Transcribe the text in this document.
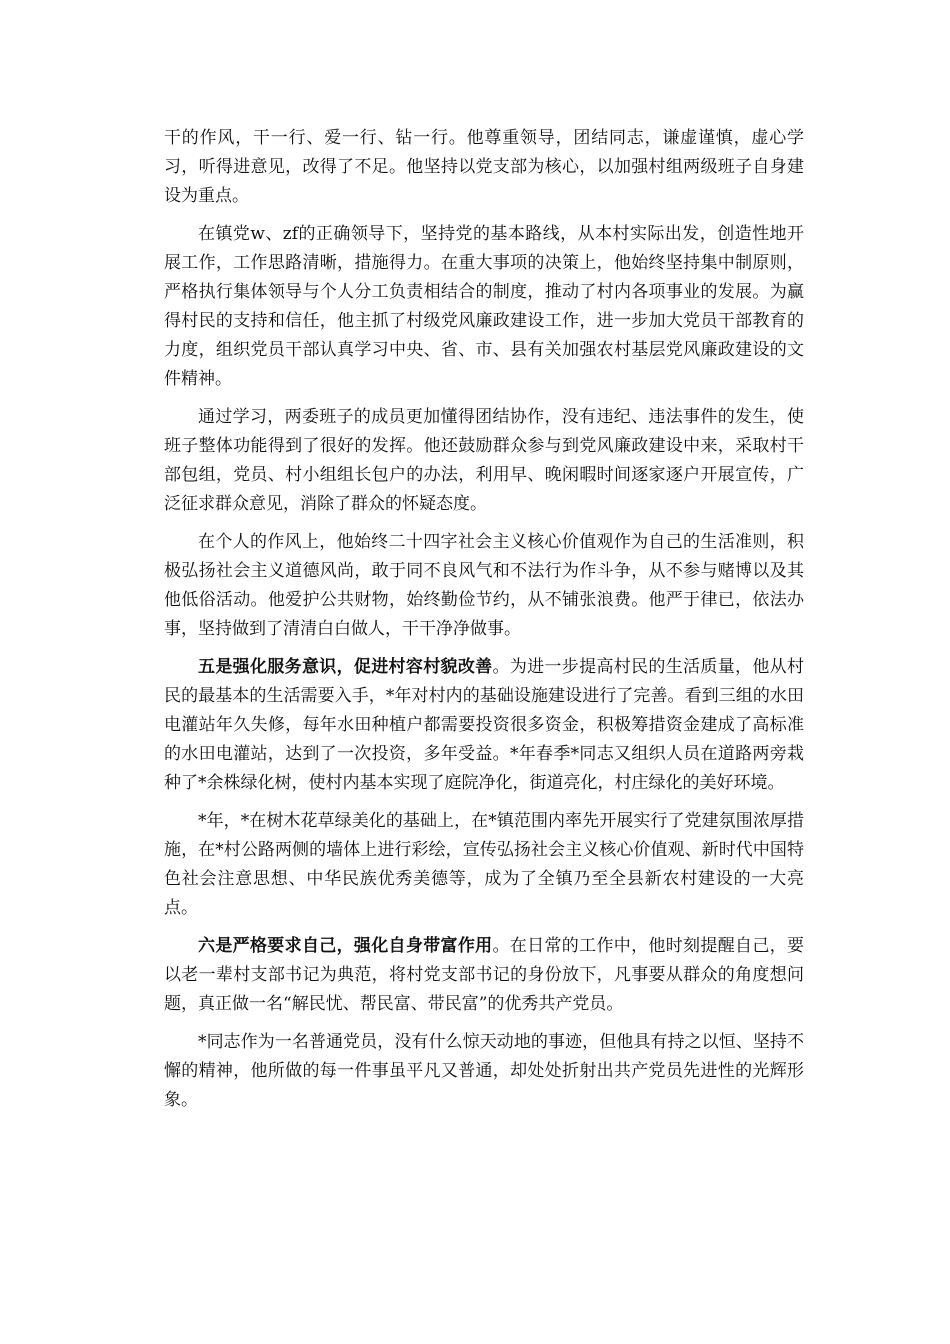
干的作风，干一行、爱一行、钻一行。他尊重领导，团结同志，谦虚谨慎，虚心学习，听得进意见，改得了不足。他坚持以党支部为核心，以加强村组两级班子自身建设为重点。

在镇党w、zf的正确领导下，坚持党的基本路线，从本村实际出发，创造性地开展工作，工作思路清晰，措施得力。在重大事项的决策上，他始终坚持集中制原则，严格执行集体领导与个人分工负责相结合的制度，推动了村内各项事业的发展。为赢得村民的支持和信任，他主抓了村级党风廉政建设工作，进一步加大党员干部教育的力度，组织党员干部认真学习中央、省、市、县有关加强农村基层党风廉政建设的文件精神。

通过学习，两委班子的成员更加懂得团结协作，没有违纪、违法事件的发生，使班子整体功能得到了很好的发挥。他还鼓励群众参与到党风廉政建设中来，采取村干部包组，党员、村小组组长包户的办法，利用早、晚闲暇时间逐家逐户开展宣传，广泛征求群众意见，消除了群众的怀疑态度。

在个人的作风上，他始终二十四字社会主义核心价值观作为自己的生活准则，积极弘扬社会主义道德风尚，敢于同不良风气和不法行为作斗争，从不参与赌博以及其他低俗活动。他爱护公共财物，始终勤俭节约，从不铺张浪费。他严于律已，依法办事，坚持做到了清清白白做人，干干净净做事。

五是强化服务意识，促进村容村貌改善。为进一步提高村民的生活质量，他从村民的最基本的生活需要入手，*年对村内的基础设施建设进行了完善。看到三组的水田电灌站年久失修，每年水田种植户都需要投资很多资金，积极筹措资金建成了高标准的水田电灌站，达到了一次投资，多年受益。*年春季*同志又组织人员在道路两旁栽种了*余株绿化树，使村内基本实现了庭院净化，街道亮化，村庄绿化的美好环境。

*年，*在树木花草绿美化的基础上，在*镇范围内率先开展实行了党建氛围浓厚措施，在*村公路两侧的墙体上进行彩绘，宣传弘扬社会主义核心价值观、新时代中国特色社会注意思想、中华民族优秀美德等，成为了全镇乃至全县新农村建设的一大亮点。

六是严格要求自己，强化自身带富作用。在日常的工作中，他时刻提醒自己，要以老一辈村支部书记为典范，将村党支部书记的身份放下，凡事要从群众的角度想问题，真正做一名“解民忧、帮民富、带民富”的优秀共产党员。

*同志作为一名普通党员，没有什么惊天动地的事迹，但他具有持之以恒、坚持不懈的精神，他所做的每一件事虽平凡又普通，却处处折射出共产党员先进性的光辉形象。
